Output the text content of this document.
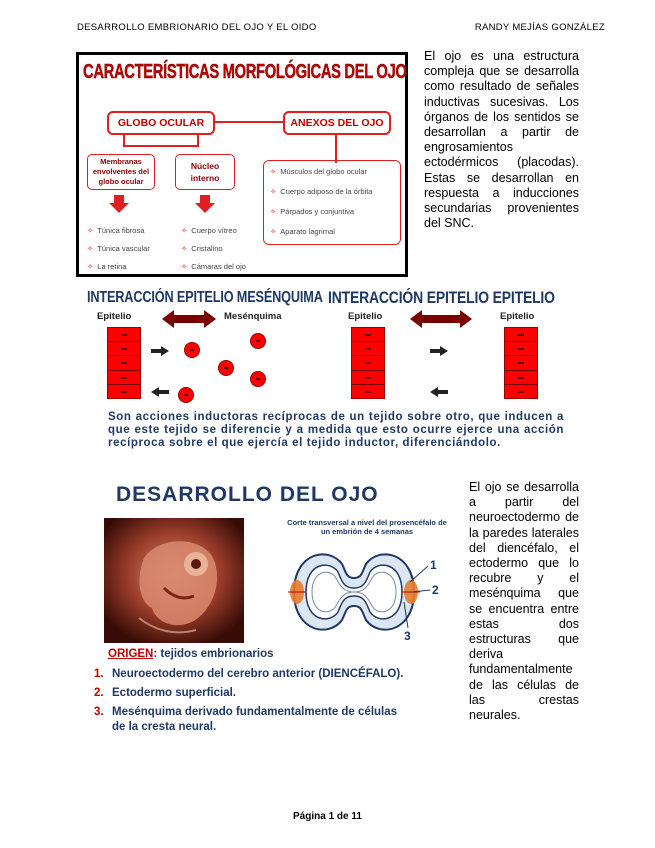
DESARROLLO EMBRIONARIO DEL OJO Y EL OIDO	RANDY MEJÍAS GONZÁLEZ
CARACTERÍSTICAS MORFOLÓGICAS DEL OJO
GLOBO OCULAR	ANEXOS DEL OJO
Membranas envolventes del globo ocular
Núcleo interno
✧ Túnica fibrosa
✧ Túnica vascular
✧ La retina
✧ Cuerpo vítreo
✧ Cristalino
✧ Cámaras del ojo
✧ Músculos del globo ocular
✧ Cuerpo adiposo de la órbita
✧ Párpados y conjuntiva
✧ Aparato lagrimal
El ojo es una estructura compleja que se desarrolla como resultado de señales inductivas sucesivas. Los órganos de los sentidos se desarrollan a partir de engrosamientos ectodérmicos (placodas). Estas se desarrollan en respuesta a inducciones secundarias provenientes del SNC.
INTERACCIÓN EPITELIO MESÉNQUIMA INTERACCIÓN EPITELIO EPITELIO
Epitelio	Mesénquima	Epitelio	Epitelio
Son acciones inductoras recíprocas de un tejido sobre otro, que inducen a que este tejido se diferencie y a medida que esto ocurre ejerce una acción recíproca sobre el que ejercía el tejido inductor, diferenciándolo.
DESARROLLO DEL OJO
Corte transversal a nivel del prosencéfalo de un embrión de 4 semanas
1
2
3
ORIGEN: tejidos embrionarios
1. Neuroectodermo del cerebro anterior (DIENCÉFALO).
2. Ectodermo superficial.
3. Mesénquima derivado fundamentalmente de células
de la cresta neural.
El ojo se desarrolla a partir del neuroectodermo de la paredes laterales del diencéfalo, el ectodermo que lo recubre y el mesénquima que se encuentra entre estas dos estructuras que deriva fundamentalmente de las células de las crestas neurales.
Página 1 de 11
